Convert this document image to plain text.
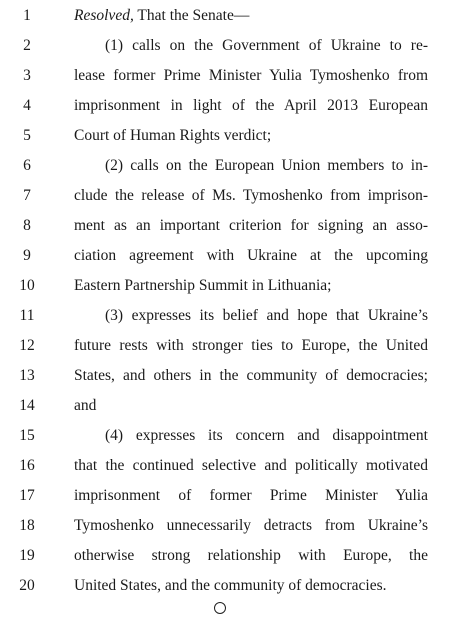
1	Resolved, That the Senate—
2	(1) calls on the Government of Ukraine to re-
3	lease former Prime Minister Yulia Tymoshenko from
4	imprisonment in light of the April 2013 European
5	Court of Human Rights verdict;
6	(2) calls on the European Union members to in-
7	clude the release of Ms. Tymoshenko from imprison-
8	ment as an important criterion for signing an asso-
9	ciation agreement with Ukraine at the upcoming
10	Eastern Partnership Summit in Lithuania;
11	(3) expresses its belief and hope that Ukraine’s
12	future rests with stronger ties to Europe, the United
13	States, and others in the community of democracies;
14	and
15	(4) expresses its concern and disappointment
16	that the continued selective and politically motivated
17	imprisonment of former Prime Minister Yulia
18	Tymoshenko unnecessarily detracts from Ukraine’s
19	otherwise strong relationship with Europe, the
20	United States, and the community of democracies.
